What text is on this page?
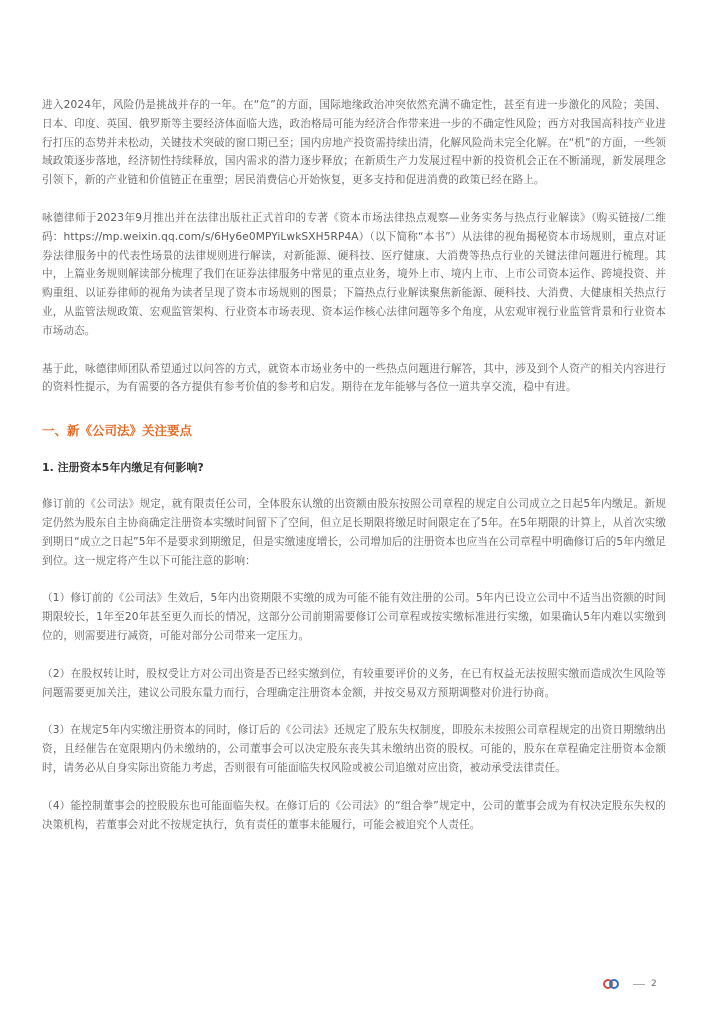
进入2024年，风险仍是挑战并存的一年。在“危”的方面，国际地缘政治冲突依然充满不确定性，甚至有进一步激化的风险；美国、日本、印度、英国、俄罗斯等主要经济体面临大选，政治格局可能为经济合作带来进一步的不确定性风险；西方对我国高科技产业进行打压的态势并未松动，关键技术突破的窗口期已至；国内房地产投资需持续出清，化解风险尚未完全化解。在“机”的方面，一些领域政策逐步落地，经济韧性持续释放，国内需求的潜力逐步释放；在新质生产力发展过程中新的投资机会正在不断涌现，新发展理念引领下，新的产业链和价值链正在重塑；居民消费信心开始恢复，更多支持和促进消费的政策已经在路上。

咏德律师于2023年9月推出并在法律出版社正式首印的专著《资本市场法律热点观察—业务实务与热点行业解读》（购买链接/二维码：https://mp.weixin.qq.com/s/6Hy6e0MPYiLwkSXH5RP4A）（以下简称“本书”）从法律的视角揭秘资本市场规则，重点对证券法律服务中的代表性场景的法律规则进行解读，对新能源、硬科技、医疗健康、大消费等热点行业的关键法律问题进行梳理。其中，上篇业务规则解读部分梳理了我们在证券法律服务中常见的重点业务，境外上市、境内上市、上市公司资本运作、跨境投资、并购重组、以证券律师的视角为读者呈现了资本市场规则的图景；下篇热点行业解读聚焦新能源、硬科技、大消费、大健康相关热点行业，从监管法规政策、宏观监管架构、行业资本市场表现、资本运作核心法律问题等多个角度，从宏观审视行业监管背景和行业资本市场动态。

基于此，咏德律师团队希望通过以问答的方式，就资本市场业务中的一些热点问题进行解答，其中，涉及到个人资产的相关内容进行的资料性提示，为有需要的各方提供有参考价值的参考和启发。期待在龙年能够与各位一道共享交流，稳中有进。

一、新《公司法》关注要点
1. 注册资本5年内缴足有何影响?

修订前的《公司法》规定，就有限责任公司，全体股东认缴的出资额由股东按照公司章程的规定自公司成立之日起5年内缴足。新规定仍然为股东自主协商确定注册资本实缴时间留下了空间，但立足长期限将缴足时间限定在了5年。在5年期限的计算上，从首次实缴到期日“成立之日起”5年不是要求到期缴足，但是实缴速度增长，公司增加后的注册资本也应当在公司章程中明确修订后的5年内缴足到位。这一规定将产生以下可能注意的影响：

（1）修订前的《公司法》生效后，5年内出资期限不实缴的成为可能不能有效注册的公司。5年内已设立公司中不适当出资额的时间期限较长，1年至20年甚至更久而长的情况，这部分公司前期需要修订公司章程或按实缴标准进行实缴，如果确认5年内难以实缴到位的，则需要进行减资，可能对部分公司带来一定压力。

（2）在股权转让时，股权受让方对公司出资是否已经实缴到位，有较重要评价的义务，在已有权益无法按照实缴而造成次生风险等问题需要更加关注，建议公司股东量力而行，合理确定注册资本金额，并按交易双方预期调整对价进行协商。

（3）在规定5年内实缴注册资本的同时，修订后的《公司法》还规定了股东失权制度，即股东未按照公司章程规定的出资日期缴纳出资，且经催告在宽限期内仍未缴纳的，公司董事会可以决定股东丧失其未缴纳出资的股权。可能的，股东在章程确定注册资本金额时，请务必从自身实际出资能力考虑，否则很有可能面临失权风险或被公司追缴对应出资，被动承受法律责任。

（4）能控制董事会的控股股东也可能面临失权。在修订后的《公司法》的“组合拳”规定中，公司的董事会成为有权决定股东失权的决策机构，若董事会对此不按规定执行，负有责任的董事未能履行，可能会被追究个人责任。

2
